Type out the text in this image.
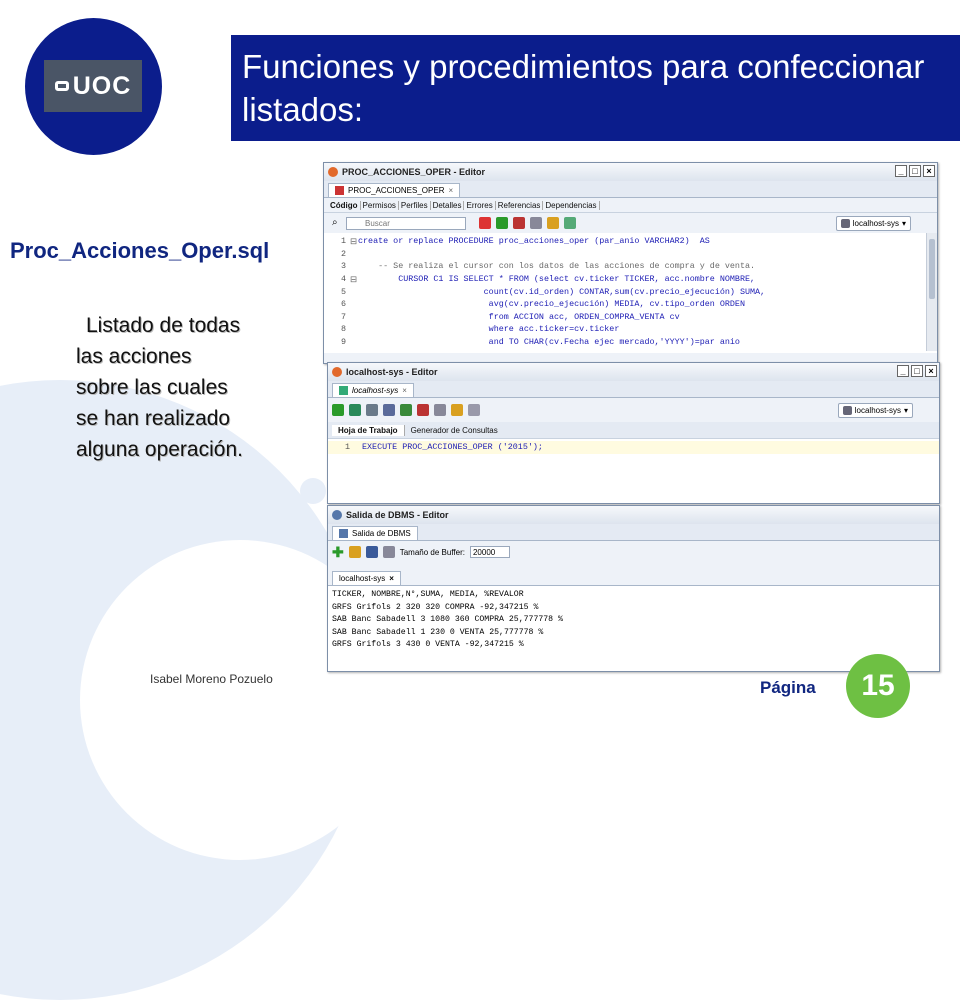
UOC
Funciones y procedimientos para confeccionar listados:
Proc_Acciones_Oper.sql
Listado de todas
las acciones
sobre las cuales
se han realizado
alguna operación.
PROC_ACCIONES_OPER - Editor	_ □ ×
PROC_ACCIONES_OPER ×
Código Permisos Perfiles Detalles Errores Referencias Dependencias
⌕	Buscar	localhost-sys ▾
1 ⊟ create or replace PROCEDURE proc_acciones_oper (par_anio VARCHAR2)  AS
2
3	-- Se realiza el cursor con los datos de las acciones de compra y de venta.
4 ⊟ CURSOR C1 IS SELECT * FROM (select cv.ticker TICKER, acc.nombre NOMBRE,
5	count(cv.id_orden) CONTAR,sum(cv.precio_ejecución) SUMA,
6	avg(cv.precio_ejecución) MEDIA, cv.tipo_orden ORDEN
7	from ACCION acc, ORDEN_COMPRA_VENTA cv
8	where acc.ticker=cv.ticker
9	and TO CHAR(cv.Fecha ejec mercado,'YYYY')=par anio
localhost-sys - Editor	_ □ ×
localhost-sys ×
localhost-sys ▾
Hoja de Trabajo	Generador de Consultas
1	EXECUTE PROC_ACCIONES_OPER ('2015');
Salida de DBMS - Editor
Salida de DBMS
✚	Tamaño de Buffer:
20000
localhost-sys ×
TICKER, NOMBRE,N°,SUMA, MEDIA, %REVALOR
GRFS Grifols 2 320 320 COMPRA -92,347215 %
SAB Banc Sabadell 3 1080 360 COMPRA 25,777778 %
SAB Banc Sabadell 1 230 0 VENTA 25,777778 %
GRFS Grifols 3 430 0 VENTA -92,347215 %
Isabel Moreno Pozuelo	Página	15
